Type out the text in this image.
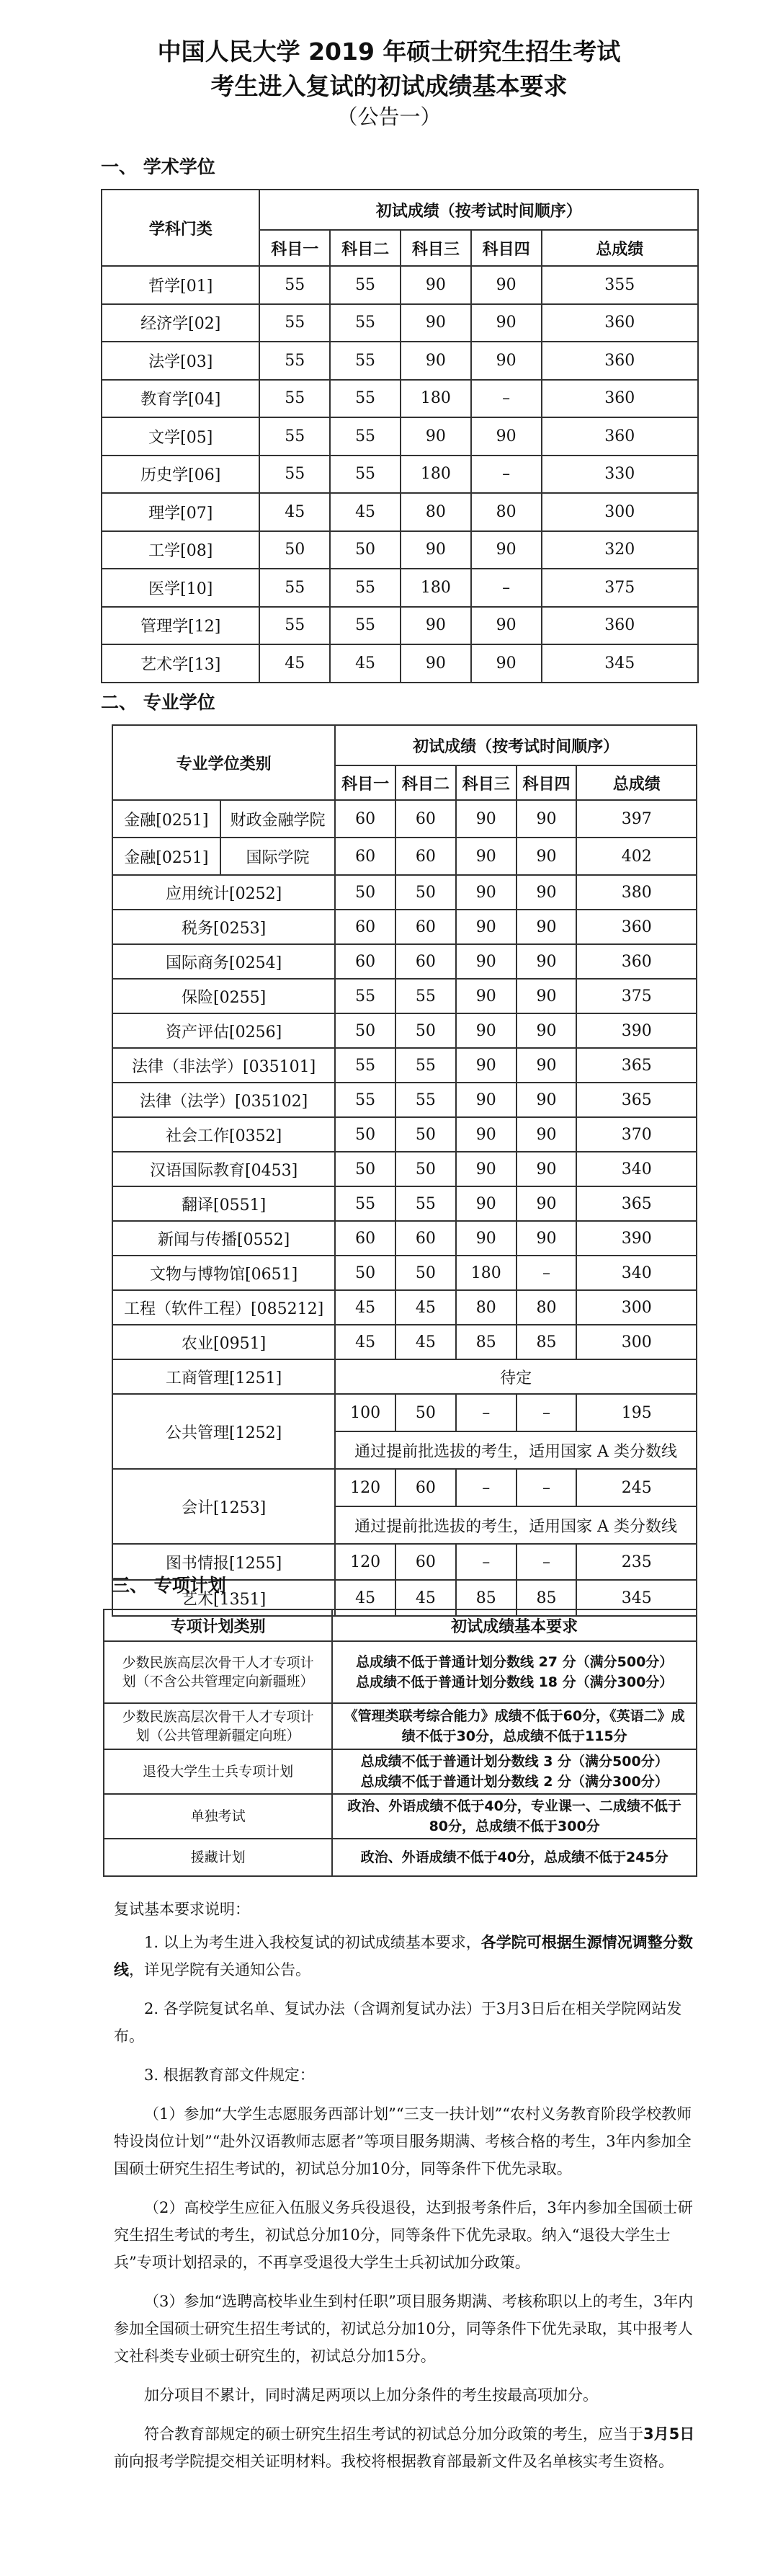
中国人民大学 2019 年硕士研究生招生考试
考生进入复试的初试成绩基本要求
（公告一）
一、 学术学位
学科门类	初试成绩（按考试时间顺序）				
	科目一	科目二	科目三	科目四	总成绩
哲学[01]	55	55	90	90	355
经济学[02]	55	55	90	90	360
法学[03]	55	55	90	90	360
教育学[04]	55	55	180	–	360
文学[05]	55	55	90	90	360
历史学[06]	55	55	180	–	330
理学[07]	45	45	80	80	300
工学[08]	50	50	90	90	320
医学[10]	55	55	180	–	375
管理学[12]	55	55	90	90	360
艺术学[13]	45	45	90	90	345
二、 专业学位
专业学位类别		初试成绩（按考试时间顺序）				
		科目一	科目二	科目三	科目四	总成绩
金融[0251]	财政金融学院	60	60	90	90	397
金融[0251]	国际学院	60	60	90	90	402
应用统计[0252]		50	50	90	90	380
税务[0253]		60	60	90	90	360
国际商务[0254]		60	60	90	90	360
保险[0255]		55	55	90	90	375
资产评估[0256]		50	50	90	90	390
法律（非法学）[035101]		55	55	90	90	365
法律（法学）[035102]		55	55	90	90	365
社会工作[0352]		50	50	90	90	370
汉语国际教育[0453]		50	50	90	90	340
翻译[0551]		55	55	90	90	365
新闻与传播[0552]		60	60	90	90	390
文物与博物馆[0651]		50	50	180	–	340
工程（软件工程）[085212]		45	45	80	80	300
农业[0951]		45	45	85	85	300
工商管理[1251]		待定				
公共管理[1252]		100	50	–	–	195
		通过提前批选拔的考生，适用国家 A 类分数线				
会计[1253]		120	60	–	–	245
		通过提前批选拔的考生，适用国家 A 类分数线				
图书情报[1255]		120	60	–	–	235
艺术[1351]		45	45	85	85	345
三、 专项计划
专项计划类别	初试成绩基本要求
少数民族高层次骨干人才专项计划（不含公共管理定向新疆班）	总成绩不低于普通计划分数线 27 分（满分500分）
总成绩不低于普通计划分数线 18 分（满分300分）

少数民族高层次骨干人才专项计划（公共管理新疆定向班）	《管理类联考综合能力》成绩不低于60分，《英语二》成绩不低于30分，总成绩不低于115分

退役大学生士兵专项计划	总成绩不低于普通计划分数线 3 分（满分500分）
总成绩不低于普通计划分数线 2 分（满分300分）

单独考试	政治、外语成绩不低于40分，专业课一、二成绩不低于80分，总成绩不低于300分

援藏计划	政治、外语成绩不低于40分，总成绩不低于245分

复试基本要求说明：

1. 以上为考生进入我校复试的初试成绩基本要求，各学院可根据生源情况调整分数线，详见学院有关通知公告。

2. 各学院复试名单、复试办法（含调剂复试办法）于3月3日后在相关学院网站发布。

3. 根据教育部文件规定：

（1）参加“大学生志愿服务西部计划”“三支一扶计划”“农村义务教育阶段学校教师特设岗位计划”“赴外汉语教师志愿者”等项目服务期满、考核合格的考生，3年内参加全国硕士研究生招生考试的，初试总分加10分，同等条件下优先录取。

（2）高校学生应征入伍服义务兵役退役，达到报考条件后，3年内参加全国硕士研究生招生考试的考生，初试总分加10分，同等条件下优先录取。纳入“退役大学生士兵”专项计划招录的，不再享受退役大学生士兵初试加分政策。

（3）参加“选聘高校毕业生到村任职”项目服务期满、考核称职以上的考生，3年内参加全国硕士研究生招生考试的，初试总分加10分，同等条件下优先录取，其中报考人文社科类专业硕士研究生的，初试总分加15分。

加分项目不累计，同时满足两项以上加分条件的考生按最高项加分。

符合教育部规定的硕士研究生招生考试的初试总分加分政策的考生，应当于3月5日前向报考学院提交相关证明材料。我校将根据教育部最新文件及名单核实考生资格。
